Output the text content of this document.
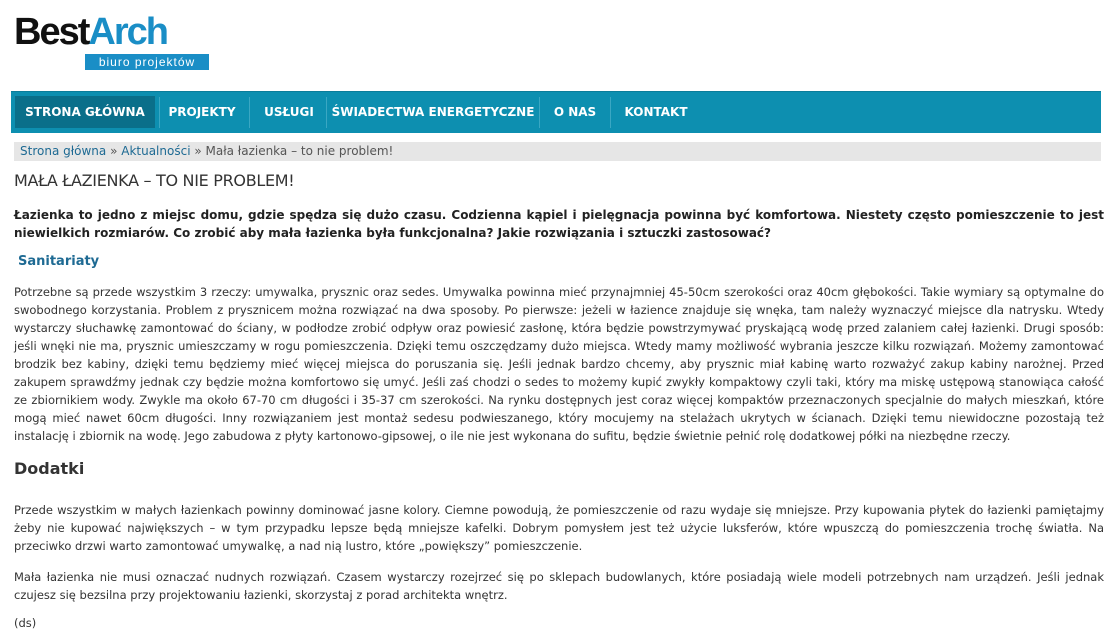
BestArch
biuro projektów
STRONA GŁÓWNA	PROJEKTY	USŁUGI	ŚWIADECTWA ENERGETYCZNE	O NAS	KONTAKT
Strona główna » Aktualności » Mała łazienka – to nie problem!
MAŁA ŁAZIENKA – TO NIE PROBLEM!

Łazienka to jedno z miejsc domu, gdzie spędza się dużo czasu. Codzienna kąpiel i pielęgnacja powinna być komfortowa. Niestety często pomieszczenie to jest niewielkich rozmiarów. Co zrobić aby mała łazienka była funkcjonalna? Jakie rozwiązania i sztuczki zastosować?

Sanitariaty

Potrzebne są przede wszystkim 3 rzeczy: umywalka, prysznic oraz sedes. Umywalka powinna mieć przynajmniej 45-50cm szerokości oraz 40cm głębokości. Takie wymiary są optymalne do swobodnego korzystania. Problem z prysznicem można rozwiązać na dwa sposoby. Po pierwsze: jeżeli w łazience znajduje się wnęka, tam należy wyznaczyć miejsce dla natrysku. Wtedy wystarczy słuchawkę zamontować do ściany, w podłodze zrobić odpływ oraz powiesić zasłonę, która będzie powstrzymywać pryskającą wodę przed zalaniem całej łazienki. Drugi sposób: jeśli wnęki nie ma, prysznic umieszczamy w rogu pomieszczenia. Dzięki temu oszczędzamy dużo miejsca. Wtedy mamy możliwość wybrania jeszcze kilku rozwiązań. Możemy zamontować brodzik bez kabiny, dzięki temu będziemy mieć więcej miejsca do poruszania się. Jeśli jednak bardzo chcemy, aby prysznic miał kabinę warto rozważyć zakup kabiny narożnej. Przed zakupem sprawdźmy jednak czy będzie można komfortowo się umyć. Jeśli zaś chodzi o sedes to możemy kupić zwykły kompaktowy czyli taki, który ma miskę ustępową stanowiąca całość ze zbiornikiem wody. Zwykle ma około 67-70 cm długości i 35-37 cm szerokości. Na rynku dostępnych jest coraz więcej kompaktów przeznaczonych specjalnie do małych mieszkań, które mogą mieć nawet 60cm długości. Inny rozwiązaniem jest montaż sedesu podwieszanego, który mocujemy na stelażach ukrytych w ścianach. Dzięki temu niewidoczne pozostają też instalację i zbiornik na wodę. Jego zabudowa z płyty kartonowo-gipsowej, o ile nie jest wykonana do sufitu, będzie świetnie pełnić rolę dodatkowej półki na niezbędne rzeczy.

Dodatki

Przede wszystkim w małych łazienkach powinny dominować jasne kolory. Ciemne powodują, że pomieszczenie od razu wydaje się mniejsze. Przy kupowania płytek do łazienki pamiętajmy żeby nie kupować największych – w tym przypadku lepsze będą mniejsze kafelki. Dobrym pomysłem jest też użycie luksferów, które wpuszczą do pomieszczenia trochę światła. Na przeciwko drzwi warto zamontować umywalkę, a nad nią lustro, które „powiększy” pomieszczenie.

Mała łazienka nie musi oznaczać nudnych rozwiązań. Czasem wystarczy rozejrzeć się po sklepach budowlanych, które posiadają wiele modeli potrzebnych nam urządzeń. Jeśli jednak czujesz się bezsilna przy projektowaniu łazienki, skorzystaj z porad architekta wnętrz.

(ds)
